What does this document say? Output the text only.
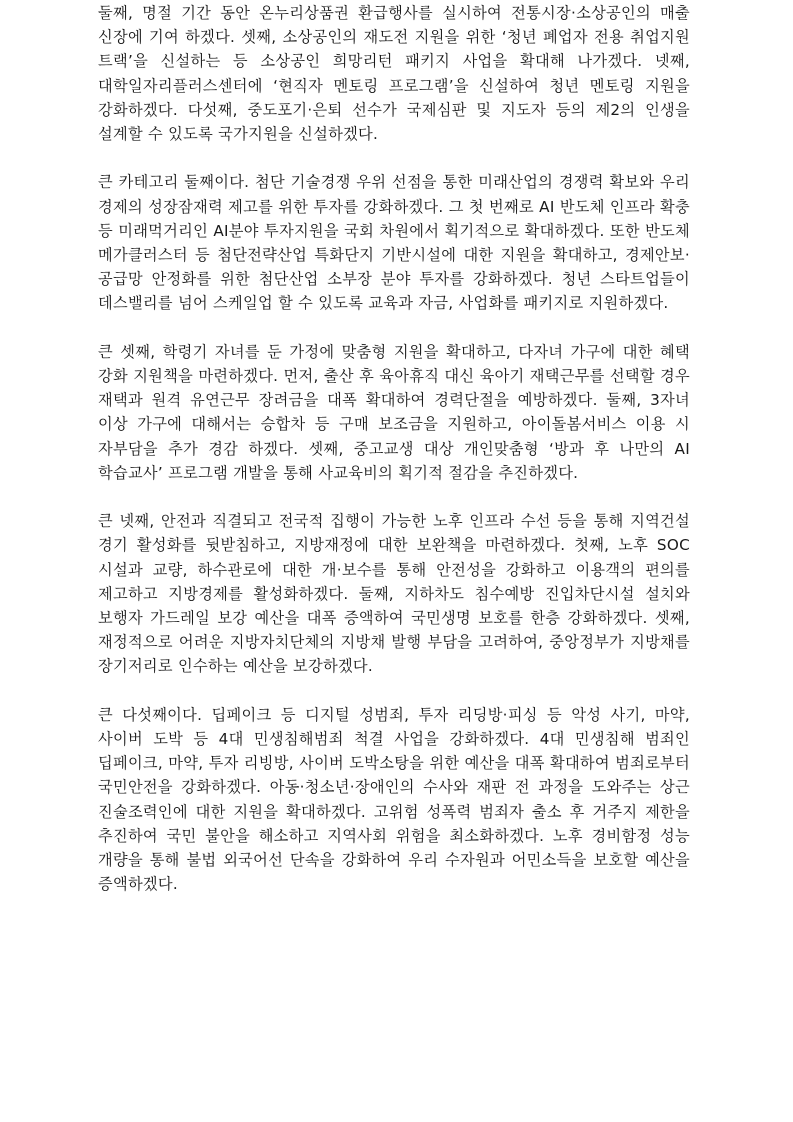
둘째, 명절 기간 동안 온누리상품권 환급행사를 실시하여 전통시장·소상공인의 매출 신장에 기여 하겠다. 셋째, 소상공인의 재도전 지원을 위한 ‘청년 폐업자 전용 취업지원 트랙’을 신설하는 등 소상공인 희망리턴 패키지 사업을 확대해 나가겠다. 넷째, 대학일자리플러스센터에 ‘현직자 멘토링 프로그램’을 신설하여 청년 멘토링 지원을 강화하겠다. 다섯째, 중도포기·은퇴 선수가 국제심판 및 지도자 등의 제2의 인생을 설계할 수 있도록 국가지원을 신설하겠다.

큰 카테고리 둘째이다. 첨단 기술경쟁 우위 선점을 통한 미래산업의 경쟁력 확보와 우리 경제의 성장잠재력 제고를 위한 투자를 강화하겠다. 그 첫 번째로 AI 반도체 인프라 확충 등 미래먹거리인 AI분야 투자지원을 국회 차원에서 획기적으로 확대하겠다. 또한 반도체 메가클러스터 등 첨단전략산업 특화단지 기반시설에 대한 지원을 확대하고, 경제안보·공급망 안정화를 위한 첨단산업 소부장 분야 투자를 강화하겠다. 청년 스타트업들이 데스밸리를 넘어 스케일업 할 수 있도록 교육과 자금, 사업화를 패키지로 지원하겠다.

큰 셋째, 학령기 자녀를 둔 가정에 맞춤형 지원을 확대하고, 다자녀 가구에 대한 혜택 강화 지원책을 마련하겠다. 먼저, 출산 후 육아휴직 대신 육아기 재택근무를 선택할 경우 재택과 원격 유연근무 장려금을 대폭 확대하여 경력단절을 예방하겠다. 둘째, 3자녀 이상 가구에 대해서는 승합차 등 구매 보조금을 지원하고, 아이돌봄서비스 이용 시 자부담을 추가 경감 하겠다. 셋째, 중고교생 대상 개인맞춤형 ‘방과 후 나만의 AI 학습교사’ 프로그램 개발을 통해 사교육비의 획기적 절감을 추진하겠다.

큰 넷째, 안전과 직결되고 전국적 집행이 가능한 노후 인프라 수선 등을 통해 지역건설 경기 활성화를 뒷받침하고, 지방재정에 대한 보완책을 마련하겠다. 첫째, 노후 SOC 시설과 교량, 하수관로에 대한 개·보수를 통해 안전성을 강화하고 이용객의 편의를 제고하고 지방경제를 활성화하겠다. 둘째, 지하차도 침수예방 진입차단시설 설치와 보행자 가드레일 보강 예산을 대폭 증액하여 국민생명 보호를 한층 강화하겠다. 셋째, 재정적으로 어려운 지방자치단체의 지방채 발행 부담을 고려하여, 중앙정부가 지방채를 장기저리로 인수하는 예산을 보강하겠다.

큰 다섯째이다. 딥페이크 등 디지털 성범죄, 투자 리딩방·피싱 등 악성 사기, 마약, 사이버 도박 등 4대 민생침해범죄 척결 사업을 강화하겠다. 4대 민생침해 범죄인 딥페이크, 마약, 투자 리빙방, 사이버 도박소탕을 위한 예산을 대폭 확대하여 범죄로부터 국민안전을 강화하겠다. 아동·청소년·장애인의 수사와 재판 전 과정을 도와주는 상근 진술조력인에 대한 지원을 확대하겠다. 고위험 성폭력 범죄자 출소 후 거주지 제한을 추진하여 국민 불안을 해소하고 지역사회 위험을 최소화하겠다. 노후 경비함정 성능 개량을 통해 불법 외국어선 단속을 강화하여 우리 수자원과 어민소득을 보호할 예산을 증액하겠다.
